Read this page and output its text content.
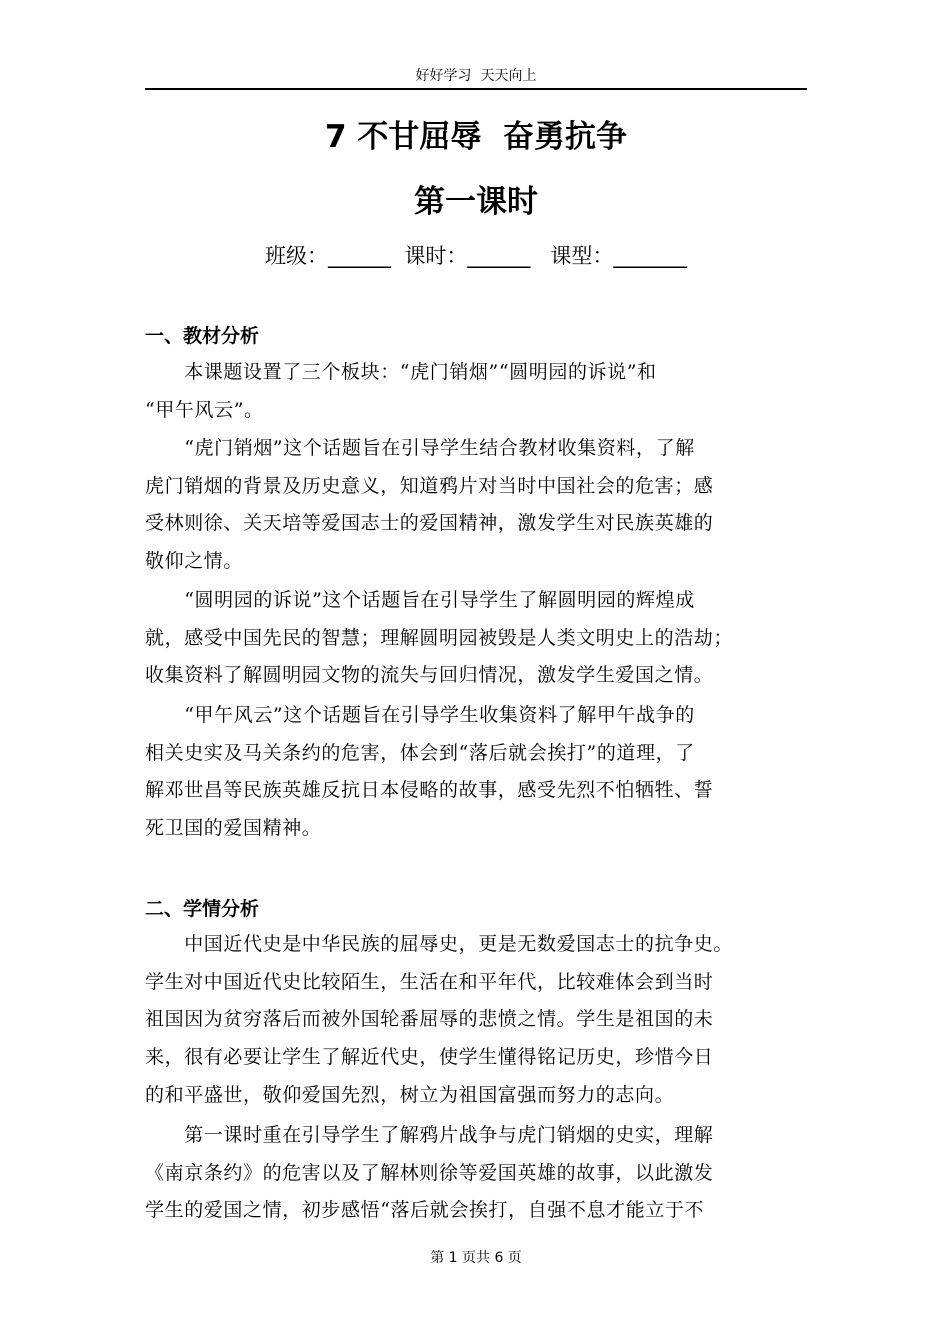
好好学习  天天向上
7 不甘屈辱  奋勇抗争
第一课时
班级：______  课时：______   课型：_______
一、教材分析
　　本课题设置了三个板块：“虎门销烟”“圆明园的诉说”和
“甲午风云”。
　　“虎门销烟”这个话题旨在引导学生结合教材收集资料，了解
虎门销烟的背景及历史意义，知道鸦片对当时中国社会的危害；感
受林则徐、关天培等爱国志士的爱国精神，激发学生对民族英雄的
敬仰之情。
　　“圆明园的诉说”这个话题旨在引导学生了解圆明园的辉煌成
就，感受中国先民的智慧；理解圆明园被毁是人类文明史上的浩劫；
收集资料了解圆明园文物的流失与回归情况，激发学生爱国之情。
　　“甲午风云”这个话题旨在引导学生收集资料了解甲午战争的
相关史实及马关条约的危害，体会到“落后就会挨打”的道理，了
解邓世昌等民族英雄反抗日本侵略的故事，感受先烈不怕牺牲、誓
死卫国的爱国精神。
二、学情分析
　　中国近代史是中华民族的屈辱史，更是无数爱国志士的抗争史。
学生对中国近代史比较陌生，生活在和平年代，比较难体会到当时
祖国因为贫穷落后而被外国轮番屈辱的悲愤之情。学生是祖国的未
来，很有必要让学生了解近代史，使学生懂得铭记历史，珍惜今日
的和平盛世，敬仰爱国先烈，树立为祖国富强而努力的志向。
　　第一课时重在引导学生了解鸦片战争与虎门销烟的史实，理解
《南京条约》的危害以及了解林则徐等爱国英雄的故事，以此激发
学生的爱国之情，初步感悟“落后就会挨打，自强不息才能立于不
第 1 页共 6 页
